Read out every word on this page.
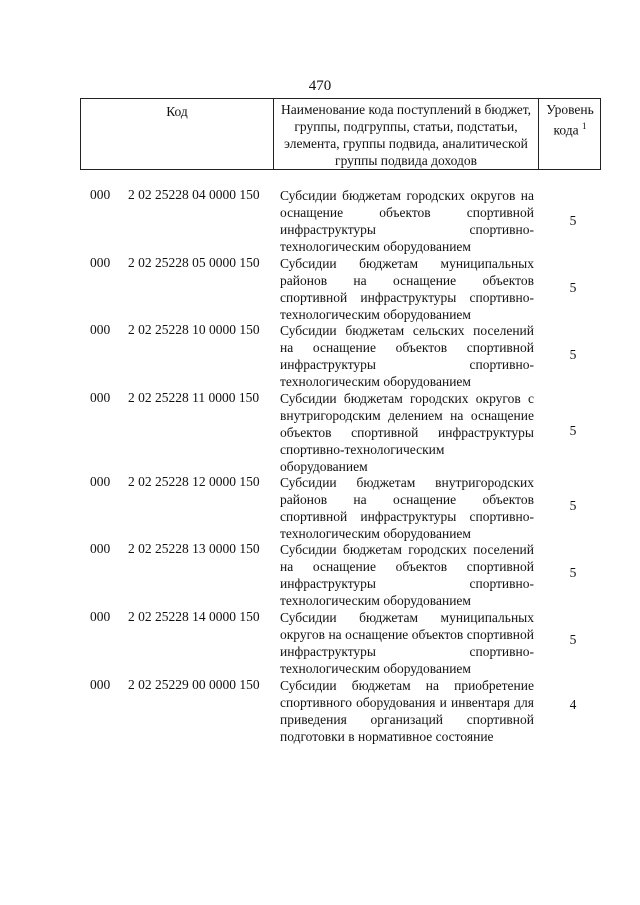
470
Код	Наименование кода поступлений в бюджет, группы, подгруппы, статьи, подстатьи, элемента, группы подвида, аналитической группы подвида доходов
Уровень кода $^1$
000 2 02 25228 04 0000 150 Субсидии бюджетам городских округов на оснащение объектов спортивной инфраструктуры спортивно-технологическим оборудованием
5
000 2 02 25228 05 0000 150 Субсидии бюджетам муниципальных районов на оснащение объектов спортивной инфраструктуры спортивно-технологическим оборудованием
5
000 2 02 25228 10 0000 150 Субсидии бюджетам сельских поселений на оснащение объектов спортивной инфраструктуры спортивно-технологическим оборудованием
5
000 2 02 25228 11 0000 150 Субсидии бюджетам городских округов с внутригородским делением на оснащение объектов спортивной инфраструктуры спортивно-технологическим оборудованием
5
000 2 02 25228 12 0000 150 Субсидии бюджетам внутригородских районов на оснащение объектов спортивной инфраструктуры спортивно-технологическим оборудованием
5
000 2 02 25228 13 0000 150 Субсидии бюджетам городских поселений на оснащение объектов спортивной инфраструктуры спортивно-технологическим оборудованием
5
000 2 02 25228 14 0000 150 Субсидии бюджетам муниципальных округов на оснащение объектов спортивной инфраструктуры спортивно-технологическим оборудованием
5
000 2 02 25229 00 0000 150 Субсидии бюджетам на приобретение спортивного оборудования и инвентаря для приведения организаций спортивной подготовки в нормативное состояние
4
